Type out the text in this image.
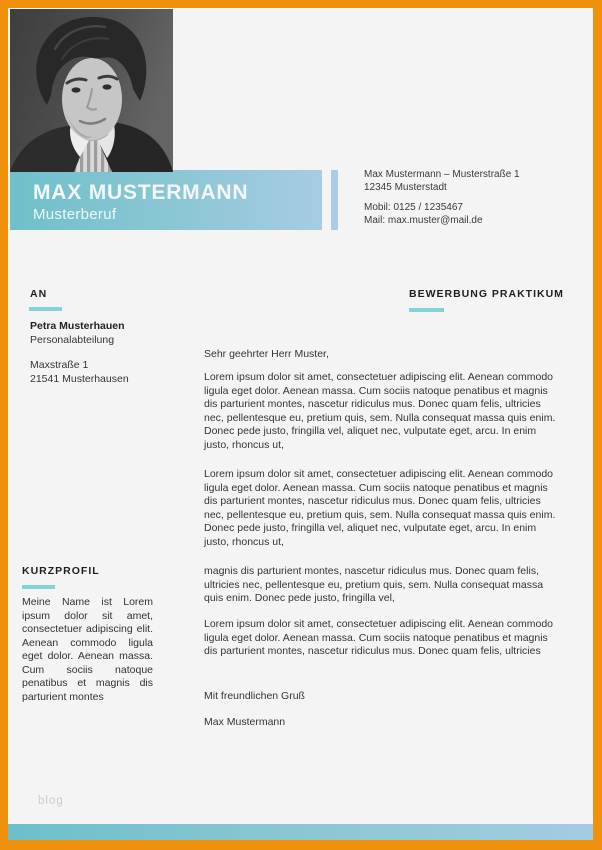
MAX MUSTERMANN
Musterberuf
Max Mustermann – Musterstraße 1
12345 Musterstadt
Mobil: 0125 / 1235467
Mail: max.muster@mail.de
AN
Petra Musterhauen
Personalabteilung
Maxstraße 1
21541 Musterhausen
KURZPROFIL
Meine Name ist Lorem ipsum dolor sit amet, consectetuer adipiscing elit. Aenean commodo ligula eget dolor. Aenean massa. Cum sociis natoque penatibus et magnis dis parturient montes
BEWERBUNG PRAKTIKUM
Sehr geehrter Herr Muster,
Lorem ipsum dolor sit amet, consectetuer adipiscing elit. Aenean commodo ligula eget dolor. Aenean massa. Cum sociis natoque penatibus et magnis dis parturient montes, nascetur ridiculus mus. Donec quam felis, ultricies nec, pellentesque eu, pretium quis, sem. Nulla consequat massa quis enim. Donec pede justo, fringilla vel, aliquet nec, vulputate eget, arcu. In enim justo, rhoncus ut,
Lorem ipsum dolor sit amet, consectetuer adipiscing elit. Aenean commodo ligula eget dolor. Aenean massa. Cum sociis natoque penatibus et magnis dis parturient montes, nascetur ridiculus mus. Donec quam felis, ultricies nec, pellentesque eu, pretium quis, sem. Nulla consequat massa quis enim. Donec pede justo, fringilla vel, aliquet nec, vulputate eget, arcu. In enim justo, rhoncus ut,
magnis dis parturient montes, nascetur ridiculus mus. Donec quam felis, ultricies nec, pellentesque eu, pretium quis, sem. Nulla consequat massa quis enim. Donec pede justo, fringilla vel,
Lorem ipsum dolor sit amet, consectetuer adipiscing elit. Aenean commodo ligula eget dolor. Aenean massa. Cum sociis natoque penatibus et magnis dis parturient montes, nascetur ridiculus mus. Donec quam felis, ultricies
Mit freundlichen Gruß
Max Mustermann
blog
